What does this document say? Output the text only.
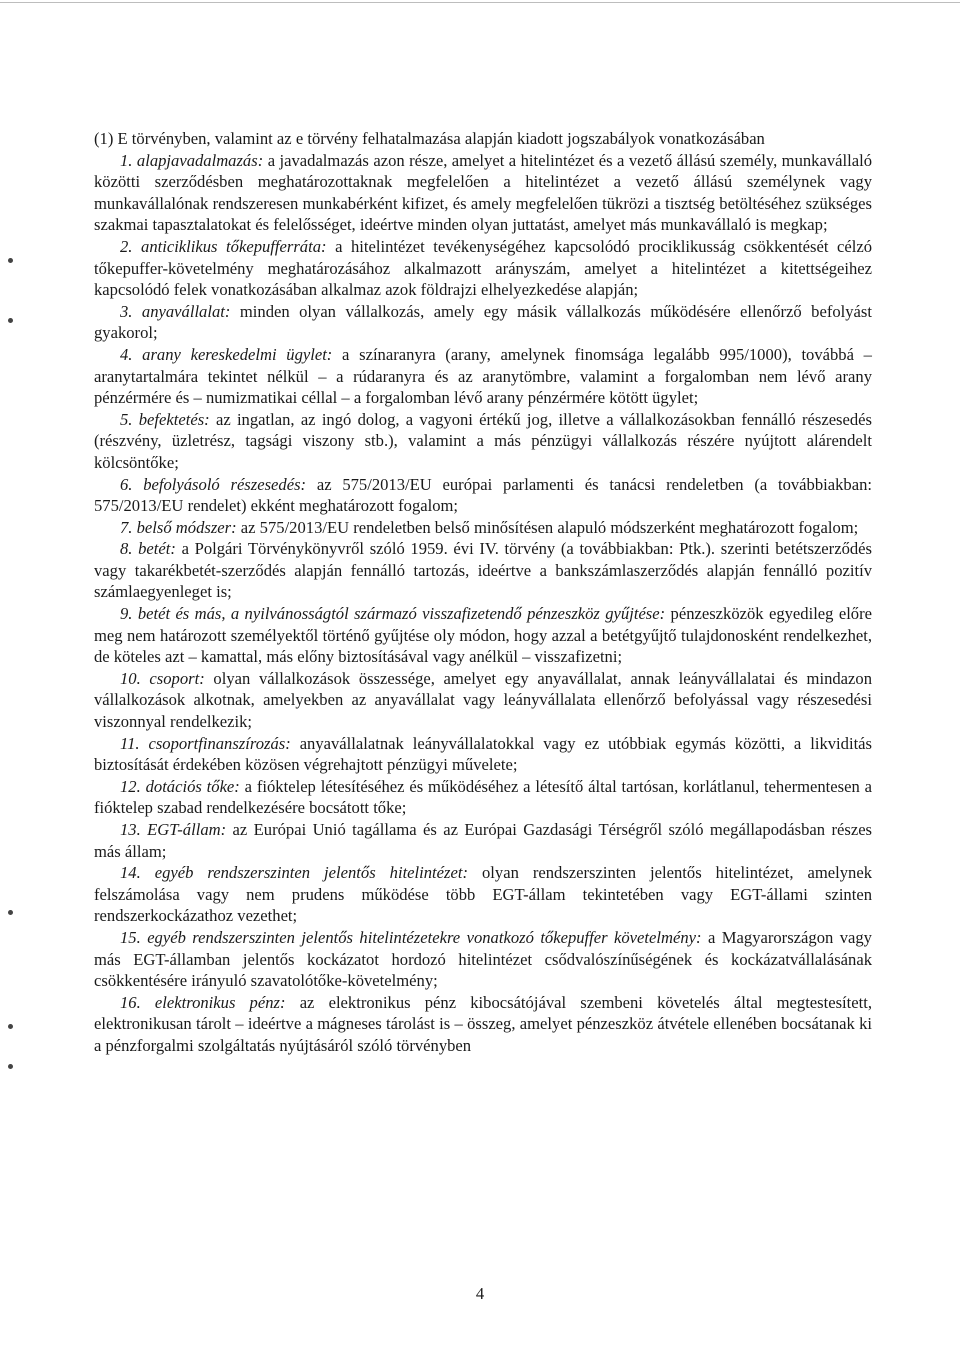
(1) E törvényben, valamint az e törvény felhatalmazása alapján kiadott jogszabályok vonatkozásában

1. alapjavadalmazás: a javadalmazás azon része, amelyet a hitelintézet és a vezető állású személy, munkavállaló közötti szerződésben meghatározottaknak megfelelően a hitelintézet a vezető állású személynek vagy munkavállalónak rendszeresen munkabérként kifizet, és amely megfelelően tükrözi a tisztség betöltéséhez szükséges szakmai tapasztalatokat és felelősséget, ideértve minden olyan juttatást, amelyet más munkavállaló is megkap;

2. anticiklikus tőkepufferráta: a hitelintézet tevékenységéhez kapcsolódó prociklikusság csökkentését célzó tőkepuffer-követelmény meghatározásához alkalmazott arányszám, amelyet a hitelintézet a kitettségeihez kapcsolódó felek vonatkozásában alkalmaz azok földrajzi elhelyezkedése alapján;

3. anyavállalat: minden olyan vállalkozás, amely egy másik vállalkozás működésére ellenőrző befolyást gyakorol;

4. arany kereskedelmi ügylet: a színaranyra (arany, amelynek finomsága legalább 995/1000), továbbá – aranytartalmára tekintet nélkül – a rúdaranyra és az aranytömbre, valamint a forgalomban nem lévő arany pénzérmére és – numizmatikai céllal – a forgalomban lévő arany pénzérmére kötött ügylet;

5. befektetés: az ingatlan, az ingó dolog, a vagyoni értékű jog, illetve a vállalkozásokban fennálló részesedés (részvény, üzletrész, tagsági viszony stb.), valamint a más pénzügyi vállalkozás részére nyújtott alárendelt kölcsöntőke;

6. befolyásoló részesedés: az 575/2013/EU európai parlamenti és tanácsi rendeletben (a továbbiakban: 575/2013/EU rendelet) ekként meghatározott fogalom;

7. belső módszer: az 575/2013/EU rendeletben belső minősítésen alapuló módszerként meghatározott fogalom;

8. betét: a Polgári Törvénykönyvről szóló 1959. évi IV. törvény (a továbbiakban: Ptk.). szerinti betétszerződés vagy takarékbetét-szerződés alapján fennálló tartozás, ideértve a bankszámlaszerződés alapján fennálló pozitív számlaegyenleget is;

9. betét és más, a nyilvánosságtól származó visszafizetendő pénzeszköz gyűjtése: pénzeszközök egyedileg előre meg nem határozott személyektől történő gyűjtése oly módon, hogy azzal a betétgyűjtő tulajdonosként rendelkezhet, de köteles azt – kamattal, más előny biztosításával vagy anélkül – visszafizetni;

10. csoport: olyan vállalkozások összessége, amelyet egy anyavállalat, annak leányvállalatai és mindazon vállalkozások alkotnak, amelyekben az anyavállalat vagy leányvállalata ellenőrző befolyással vagy részesedési viszonnyal rendelkezik;

11. csoportfinanszírozás: anyavállalatnak leányvállalatokkal vagy ez utóbbiak egymás közötti, a likviditás biztosítását érdekében közösen végrehajtott pénzügyi művelete;

12. dotációs tőke: a fióktelep létesítéséhez és működéséhez a létesítő által tartósan, korlátlanul, tehermentesen a fióktelep szabad rendelkezésére bocsátott tőke;

13. EGT-állam: az Európai Unió tagállama és az Európai Gazdasági Térségről szóló megállapodásban részes más állam;

14. egyéb rendszerszinten jelentős hitelintézet: olyan rendszerszinten jelentős hitelintézet, amelynek felszámolása vagy nem prudens működése több EGT-állam tekintetében vagy EGT-állami szinten rendszerkockázathoz vezethet;

15. egyéb rendszerszinten jelentős hitelintézetekre vonatkozó tőkepuffer követelmény: a Magyarországon vagy más EGT-államban jelentős kockázatot hordozó hitelintézet csődvalószínűségének és kockázatvállalásának csökkentésére irányuló szavatolótőke-követelmény;

16. elektronikus pénz: az elektronikus pénz kibocsátójával szembeni követelés által megtestesített, elektronikusan tárolt – ideértve a mágneses tárolást is – összeg, amelyet pénzeszköz átvétele ellenében bocsátanak ki a pénzforgalmi szolgáltatás nyújtásáról szóló törvényben

4
